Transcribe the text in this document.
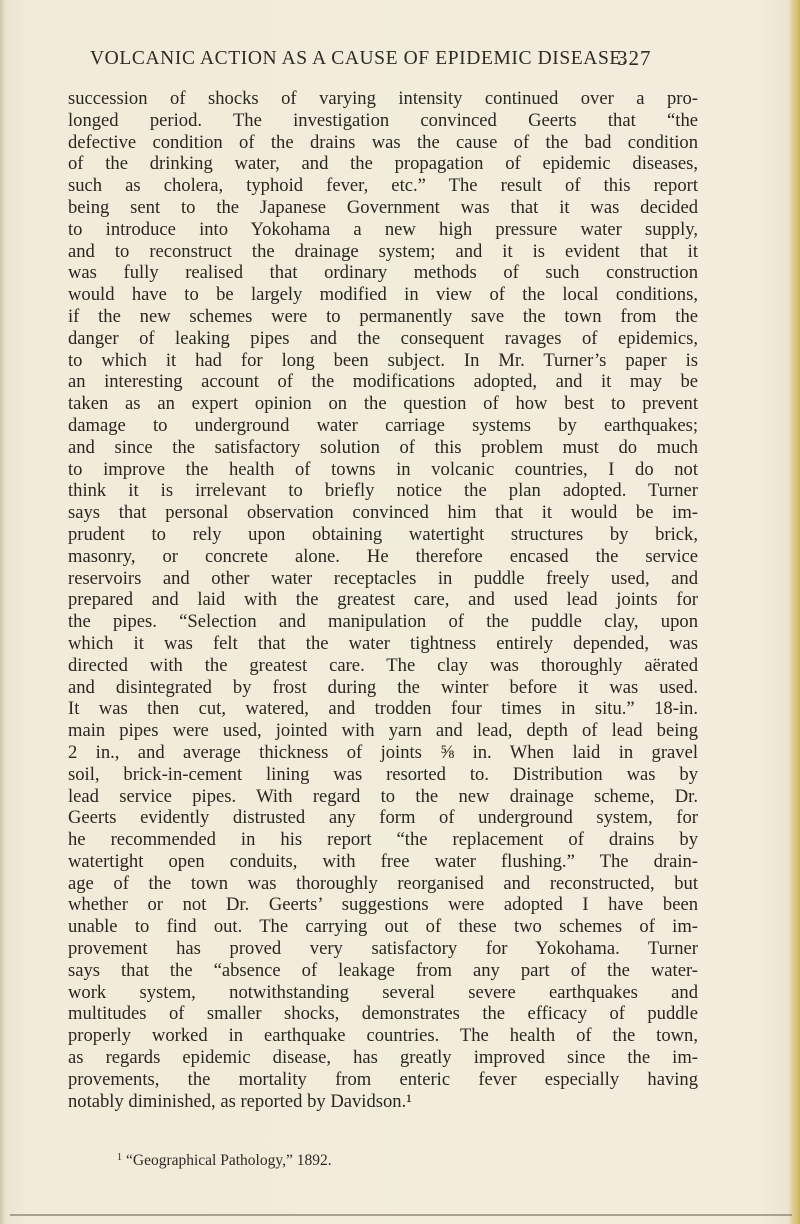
VOLCANIC ACTION AS A CAUSE OF EPIDEMIC DISEASE.
327
succession of shocks of varying intensity continued over a pro-
longed period. The investigation convinced Geerts that “the
defective condition of the drains was the cause of the bad condition
of the drinking water, and the propagation of epidemic diseases,
such as cholera, typhoid fever, etc.” The result of this report
being sent to the Japanese Government was that it was decided
to introduce into Yokohama a new high pressure water supply,
and to reconstruct the drainage system; and it is evident that it
was fully realised that ordinary methods of such construction
would have to be largely modified in view of the local conditions,
if the new schemes were to permanently save the town from the
danger of leaking pipes and the consequent ravages of epidemics,
to which it had for long been subject. In Mr. Turner’s paper is
an interesting account of the modifications adopted, and it may be
taken as an expert opinion on the question of how best to prevent
damage to underground water carriage systems by earthquakes;
and since the satisfactory solution of this problem must do much
to improve the health of towns in volcanic countries, I do not
think it is irrelevant to briefly notice the plan adopted. Turner
says that personal observation convinced him that it would be im-
prudent to rely upon obtaining watertight structures by brick,
masonry, or concrete alone. He therefore encased the service
reservoirs and other water receptacles in puddle freely used, and
prepared and laid with the greatest care, and used lead joints for
the pipes. “Selection and manipulation of the puddle clay, upon
which it was felt that the water tightness entirely depended, was
directed with the greatest care. The clay was thoroughly aërated
and disintegrated by frost during the winter before it was used.
It was then cut, watered, and trodden four times in situ.” 18-in.
main pipes were used, jointed with yarn and lead, depth of lead being
2 in., and average thickness of joints ⅝ in. When laid in gravel
soil, brick-in-cement lining was resorted to. Distribution was by
lead service pipes. With regard to the new drainage scheme, Dr.
Geerts evidently distrusted any form of underground system, for
he recommended in his report “the replacement of drains by
watertight open conduits, with free water flushing.” The drain-
age of the town was thoroughly reorganised and reconstructed, but
whether or not Dr. Geerts’ suggestions were adopted I have been
unable to find out. The carrying out of these two schemes of im-
provement has proved very satisfactory for Yokohama. Turner
says that the “absence of leakage from any part of the water-
work system, notwithstanding several severe earthquakes and
multitudes of smaller shocks, demonstrates the efficacy of puddle
properly worked in earthquake countries. The health of the town,
as regards epidemic disease, has greatly improved since the im-
provements, the mortality from enteric fever especially having
notably diminished, as reported by Davidson.¹
$^1$ “Geographical Pathology,” 1892.
